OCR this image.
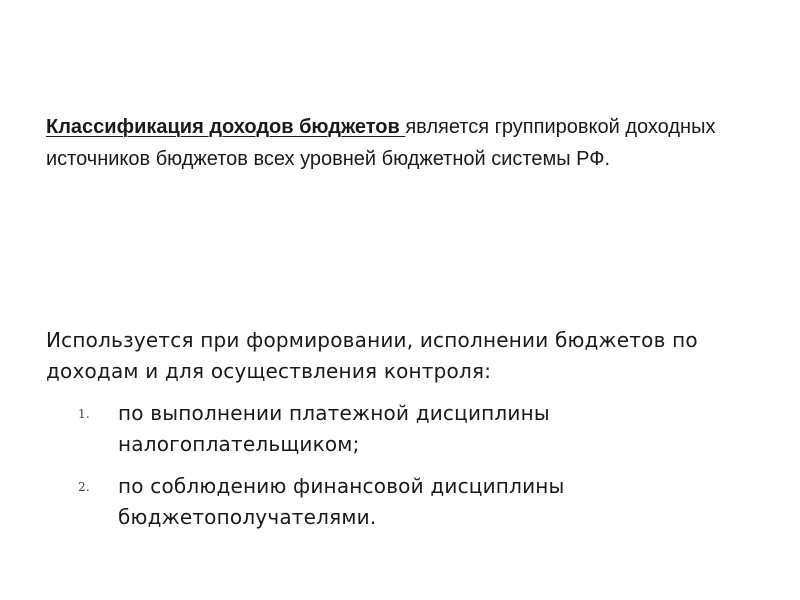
Классификация доходов бюджетов является группировкой доходных источников бюджетов всех уровней бюджетной системы РФ.

Используется при формировании, исполнении бюджетов по доходам и для осуществления контроля:

1. по выполнении платежной дисциплины налогоплательщиком;
2. по соблюдению финансовой дисциплины бюджетополучателями.
